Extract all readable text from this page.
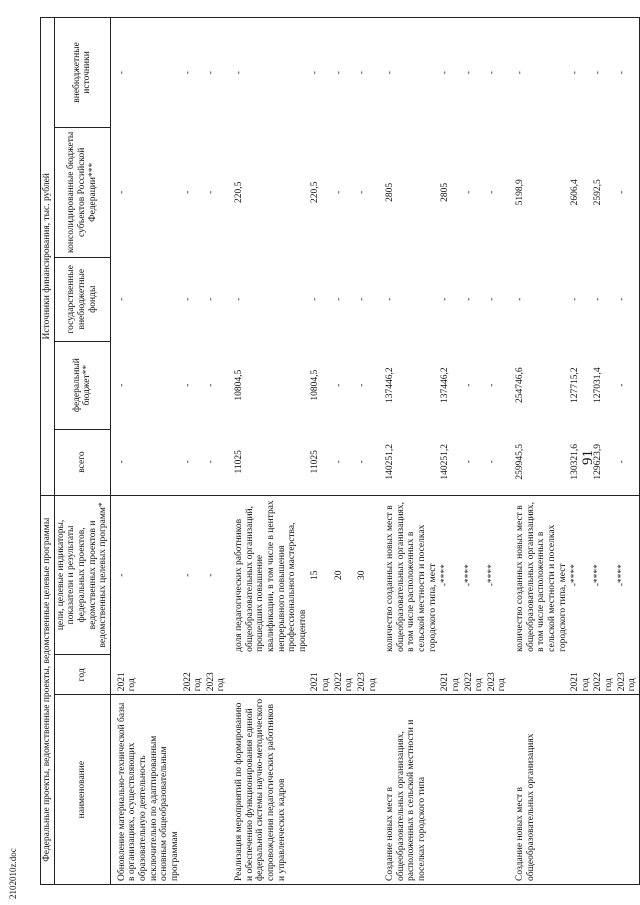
91
2102010z.doc
Федеральные проекты, ведомственные проекты, ведомственные целевые программы			Источники финансирования, тыс. рублей				
наименование	год	цели, целевые индикаторы, показатели и результаты федеральных проектов, ведомственных проектов и ведомственных целевых программ*	всего	федеральный бюджет**	государственные внебюджетные фонды	консолидированные бюджеты субъектов Российской Федерации***	внебюджетные источники
Обновление материально-технической базы в организациях, осуществляющих образовательную деятельность исключительно по адаптированным основным общеобразовательным программам	2021 год	-	-	-	-	-	-
	2022 год	-	-	-	-	-	-
	2023 год	-	-	-	-	-	-
Реализация мероприятий по формированию и обеспечению функционирования единой федеральной системы научно-методического сопровождения педагогических работников и управленческих кадров		доля педагогических работников общеобразовательных организаций, прошедших повышение квалификации, в том числе в центрах непрерывного повышения профессионального мастерства, процентов	11025	10804,5	-	220,5	-
	2021 год	15	11025	10804,5	-	220,5	-
	2022 год	20	-	-	-	-	-
	2023 год	30	-	-	-	-	-
Создание новых мест в общеобразовательных организациях, расположенных в сельской местности и поселках городского типа		количество созданных новых мест в общеобразовательных организациях, в том числе расположенных в сельской местности и поселках городского типа, мест	140251,2	137446,2	-	2805	-
	2021 год	-****	140251,2	137446,2	-	2805	-
	2022 год	-****	-	-	-	-	-
	2023 год	-****	-	-	-	-	-
Создание новых мест в общеобразовательных организациях		количество созданных новых мест в общеобразовательных организациях, в том числе расположенных в сельской местности и поселках городского типа, мест	259945,5	254746,6	-	5198,9	-
	2021 год	-****	130321,6	127715,2	-	2606,4	-
	2022 год	-****	129623,9	127031,4	-	2592,5	-
	2023 год	-****	-	-	-	-	-
